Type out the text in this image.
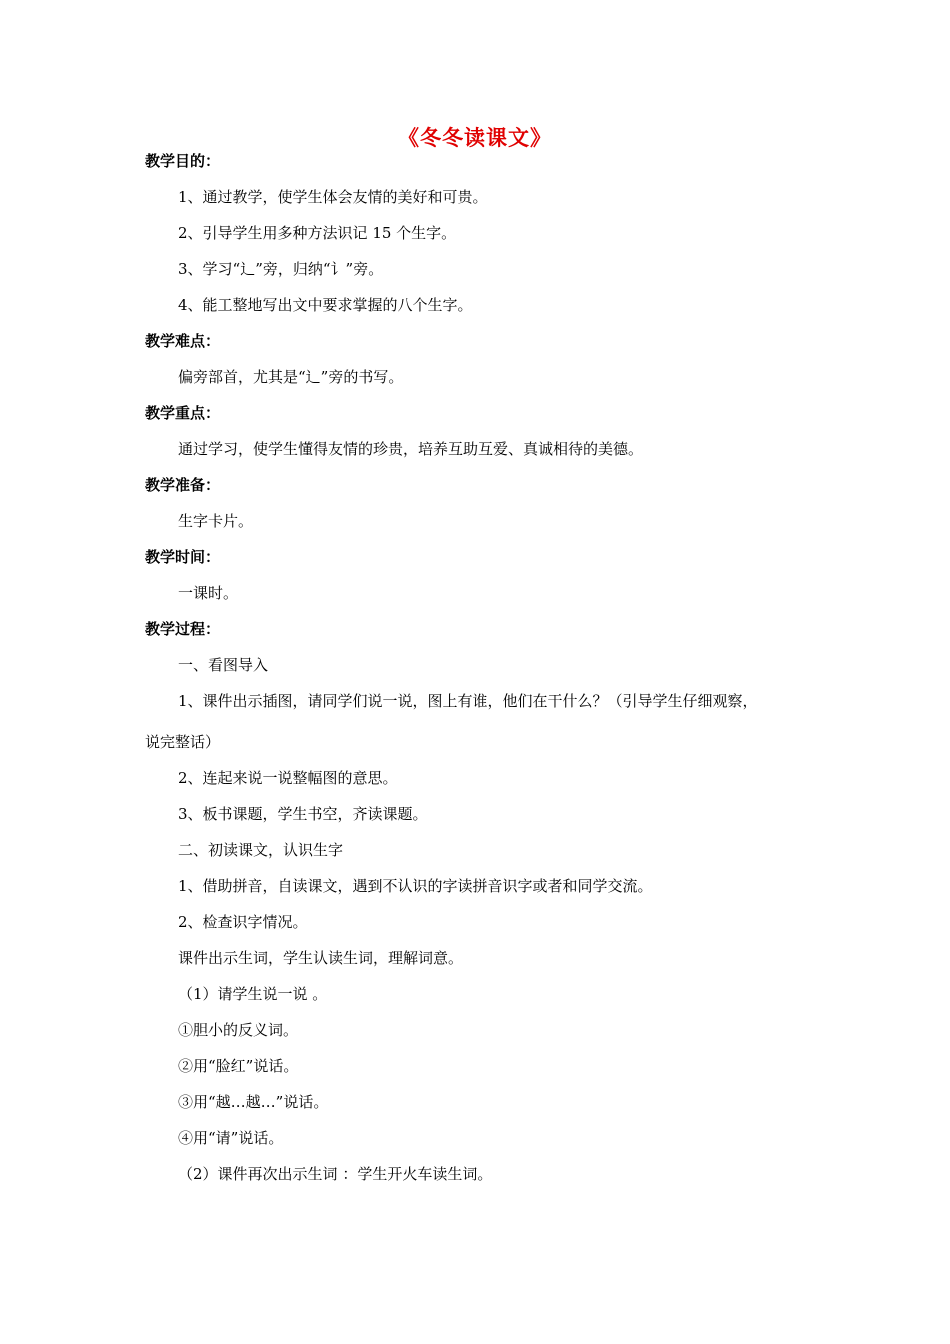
《冬冬读课文》
教学目的：
1、通过教学，使学生体会友情的美好和可贵。
2、引导学生用多种方法识记 15 个生字。
3、学习“辶”旁，归纳“讠”旁。
4、能工整地写出文中要求掌握的八个生字。
教学难点：
偏旁部首，尤其是“辶”旁的书写。
教学重点：
通过学习，使学生懂得友情的珍贵，培养互助互爱、真诚相待的美德。
教学准备：
生字卡片。
教学时间：
一课时。
教学过程：
一、看图导入
1、课件出示插图，请同学们说一说，图上有谁，他们在干什么？（引导学生仔细观察，
说完整话）
2、连起来说一说整幅图的意思。
3、板书课题，学生书空，齐读课题。
二、初读课文，认识生字
1、借助拼音，自读课文，遇到不认识的字读拼音识字或者和同学交流。
2、检查识字情况。
课件出示生词，学生认读生词，理解词意。
（1）请学生说一说 。
①胆小的反义词。
②用“脸红”说话。
③用“越…越…”说话。
④用“请”说话。
（2）课件再次出示生词 ：学生开火车读生词。
